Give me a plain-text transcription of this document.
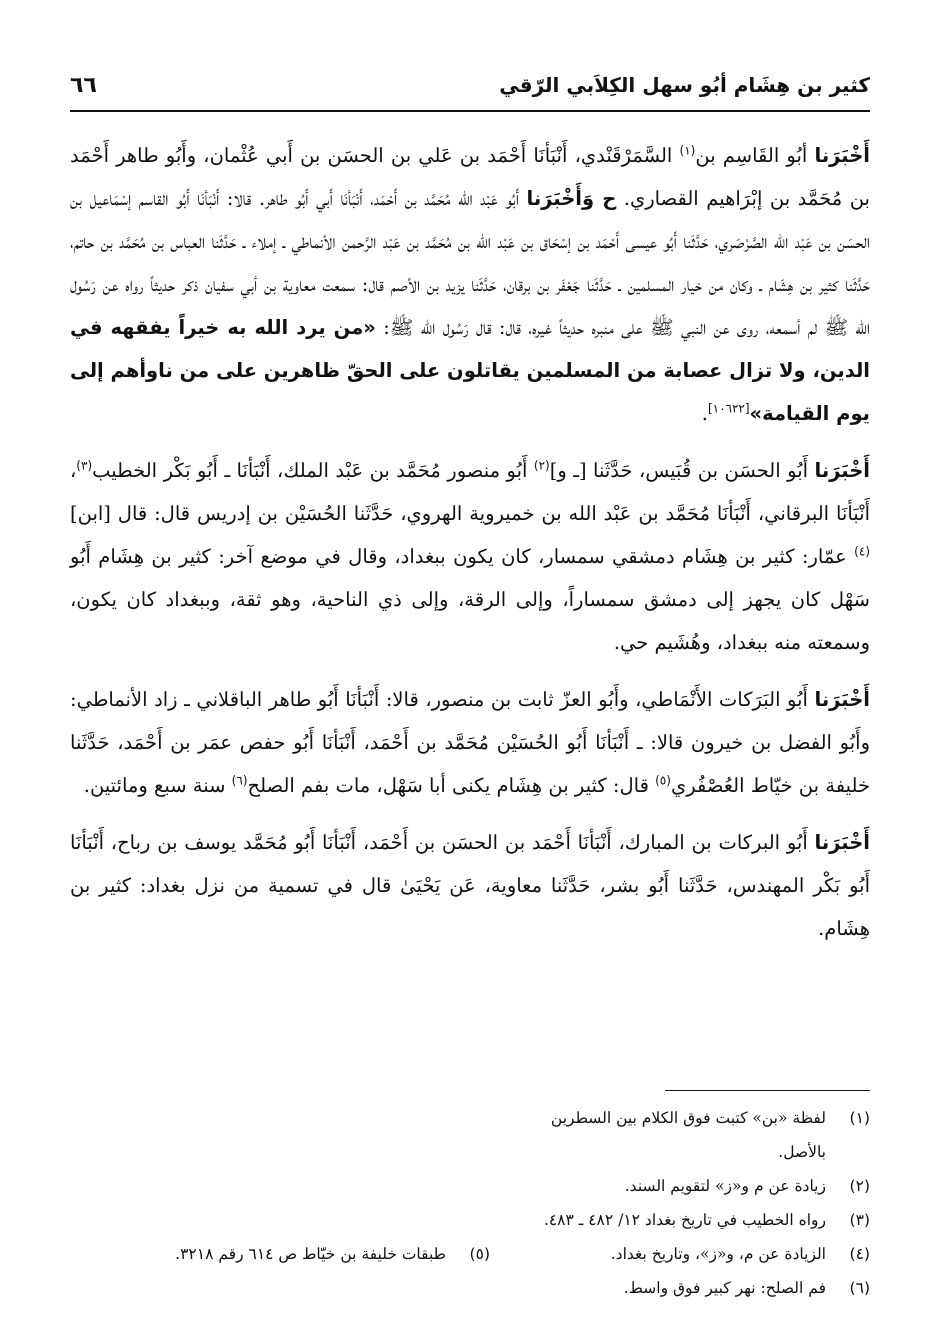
كثير بن هِشَام أبُو سهل الكِلاَبي الرّقي
٦٦

أَخْبَرَنا أبُو القَاسِم بن$^{(١)}$ السَّمَرْقَنْدي، أَنْبَأنَا أَحْمَد بن عَلي بن الحسَن بن أَبي عُثْمان، وأَبُو طاهر أَحْمَد بن مُحَمَّد بن إبْرَاهيم القصاري. ح وَأَخْبَرَنا أَبُو عَبْد الله مُحَمَّد بن أَحْمَد، أَنْبَأنَا أَبي أَبُو طاهر. قالا: أَنْبَأنَا أَبُو القاسم إسْمَاعيل بن الحسَن بن عَبْد الله الصَّرْصَري، حَدَّثَنا أَبُو عيسى أَحْمَد بن إسْحَاق بن عَبْد الله بن مُحَمَّد بن عَبْد الرَّحمن الأنماطي ـ إملاء ـ حَدَّثَنا العباس بن مُحَمَّد بن حاتم، حَدَّثَنا كثير بن هِشَام ـ وكان من خيار المسلمين ـ حَدَّثَنا جَعْفَر بن برقان، حَدَّثَنا يزيد بن الأصم قال: سمعت معاوية بن أبي سفيان ذكر حديثاً رواه عن رَسُول الله ﷺ لم أسمعه، روى عن النبي ﷺ على منبره حديثاً غيره، قال: قال رَسُول الله ﷺ: «من يرد الله به خيراً يفقهه في الدين، ولا تزال عصابة من المسلمين يقاتلون على الحقّ ظاهرين على من ناوأهم إلى يوم القيامة»[١٠٦٢٢].

أَخْبَرَنا أَبُو الحسَن بن قُبَيس، حَدَّثَنا [ـ و]$^{(٢)}$ أَبُو منصور مُحَمَّد بن عَبْد الملك، أَنْبَأنَا ـ أَبُو بَكْر الخطيب$^{(٣)}$، أَنْبَأنَا البرقاني، أَنْبَأنَا مُحَمَّد بن عَبْد الله بن خميروية الهروي، حَدَّثَنا الحُسَيْن بن إدريس قال: قال [ابن]$^{(٤)}$ عمّار: كثير بن هِشَام دمشقي سمسار، كان يكون ببغداد، وقال في موضع آخر: كثير بن هِشَام أَبُو سَهْل كان يجهز إلى دمشق سمساراً، وإلى الرقة، وإلى ذي الناحية، وهو ثقة، وببغداد كان يكون، وسمعته منه ببغداد، وهُشَيم حي.

أَخْبَرَنا أَبُو البَرَكات الأَنْمَاطي، وأَبُو العزّ ثابت بن منصور، قالا: أَنْبَأنَا أَبُو طاهر الباقلاني ـ زاد الأنماطي: وأَبُو الفضل بن خيرون قالا: ـ أَنْبَأنَا أَبُو الحُسَيْن مُحَمَّد بن أَحْمَد، أَنْبَأنَا أَبُو حفص عمَر بن أَحْمَد، حَدَّثَنا خليفة بن خيّاط العُصْفُري$^{(٥)}$ قال: كثير بن هِشَام يكنى أبا سَهْل، مات بفم الصلح$^{(٦)}$ سنة سبع ومائتين.

أَخْبَرَنا أَبُو البركات بن المبارك، أَنْبَأنَا أَحْمَد بن الحسَن بن أَحْمَد، أَنْبَأنَا أَبُو مُحَمَّد يوسف بن رباح، أَنْبَأنَا أَبُو بَكْر المهندس، حَدَّثَنا أَبُو بشر، حَدَّثَنا معاوية، عَن يَحْيَىٰ قال في تسمية من نزل بغداد: كثير بن هِشَام.

(١)
لفظة «بن» كتبت فوق الكلام بين السطرين بالأصل.
(٢)
زيادة عن م و«ز» لتقويم السند.
(٣)
رواه الخطيب في تاريخ بغداد ١٢/ ٤٨٢ ـ ٤٨٣.
(٤)
الزيادة عن م، و«ز»، وتاريخ بغداد.
(٥)
طبقات خليفة بن خيّاط ص ٦١٤ رقم ٣٢١٨.
(٦)
فم الصلح: نهر كبير فوق واسط.
